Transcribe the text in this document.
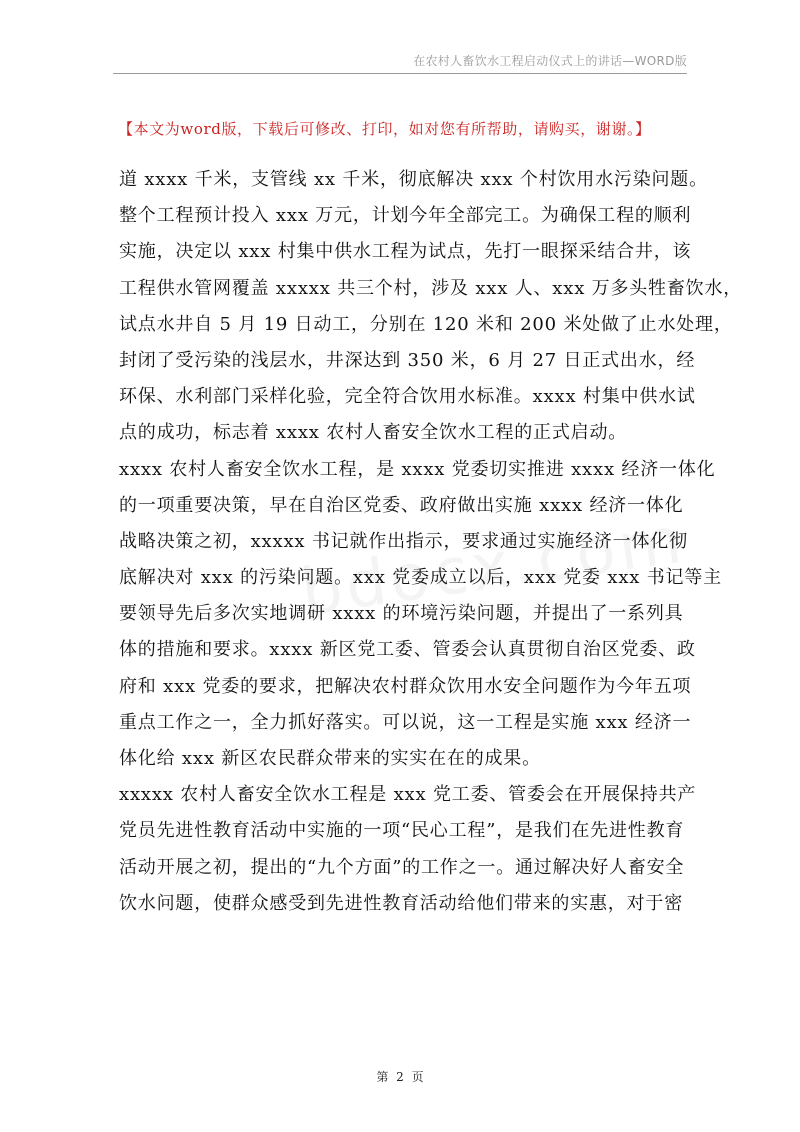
在农村人畜饮水工程启动仪式上的讲话—WORD版
【本文为word版，下载后可修改、打印，如对您有所帮助，请购买，谢谢。】
道 xxxx 千米，支管线 xx 千米，彻底解决 xxx 个村饮用水污染问题。
整个工程预计投入 xxx 万元，计划今年全部完工。为确保工程的顺利
实施，决定以 xxx 村集中供水工程为试点，先打一眼探采结合井，该
工程供水管网覆盖 xxxxx 共三个村，涉及 xxx 人、xxx 万多头牲畜饮水，
试点水井自 5 月 19 日动工，分别在 120 米和 200 米处做了止水处理，
封闭了受污染的浅层水，井深达到 350 米，6 月 27 日正式出水，经
环保、水利部门采样化验，完全符合饮用水标准。xxxx 村集中供水试
点的成功，标志着 xxxx 农村人畜安全饮水工程的正式启动。
xxxx 农村人畜安全饮水工程，是 xxxx 党委切实推进 xxxx 经济一体化
的一项重要决策，早在自治区党委、政府做出实施 xxxx 经济一体化
战略决策之初，xxxxx 书记就作出指示，要求通过实施经济一体化彻
底解决对 xxx 的污染问题。xxx 党委成立以后，xxx 党委 xxx 书记等主
要领导先后多次实地调研 xxxx 的环境污染问题，并提出了一系列具
体的措施和要求。xxxx 新区党工委、管委会认真贯彻自治区党委、政
府和 xxx 党委的要求，把解决农村群众饮用水安全问题作为今年五项
重点工作之一，全力抓好落实。可以说，这一工程是实施 xxx 经济一
体化给 xxx 新区农民群众带来的实实在在的成果。
xxxxx 农村人畜安全饮水工程是 xxx 党工委、管委会在开展保持共产
党员先进性教育活动中实施的一项“民心工程”，是我们在先进性教育
活动开展之初，提出的“九个方面”的工作之一。通过解决好人畜安全
饮水问题，使群众感受到先进性教育活动给他们带来的实惠，对于密
第 2 页
